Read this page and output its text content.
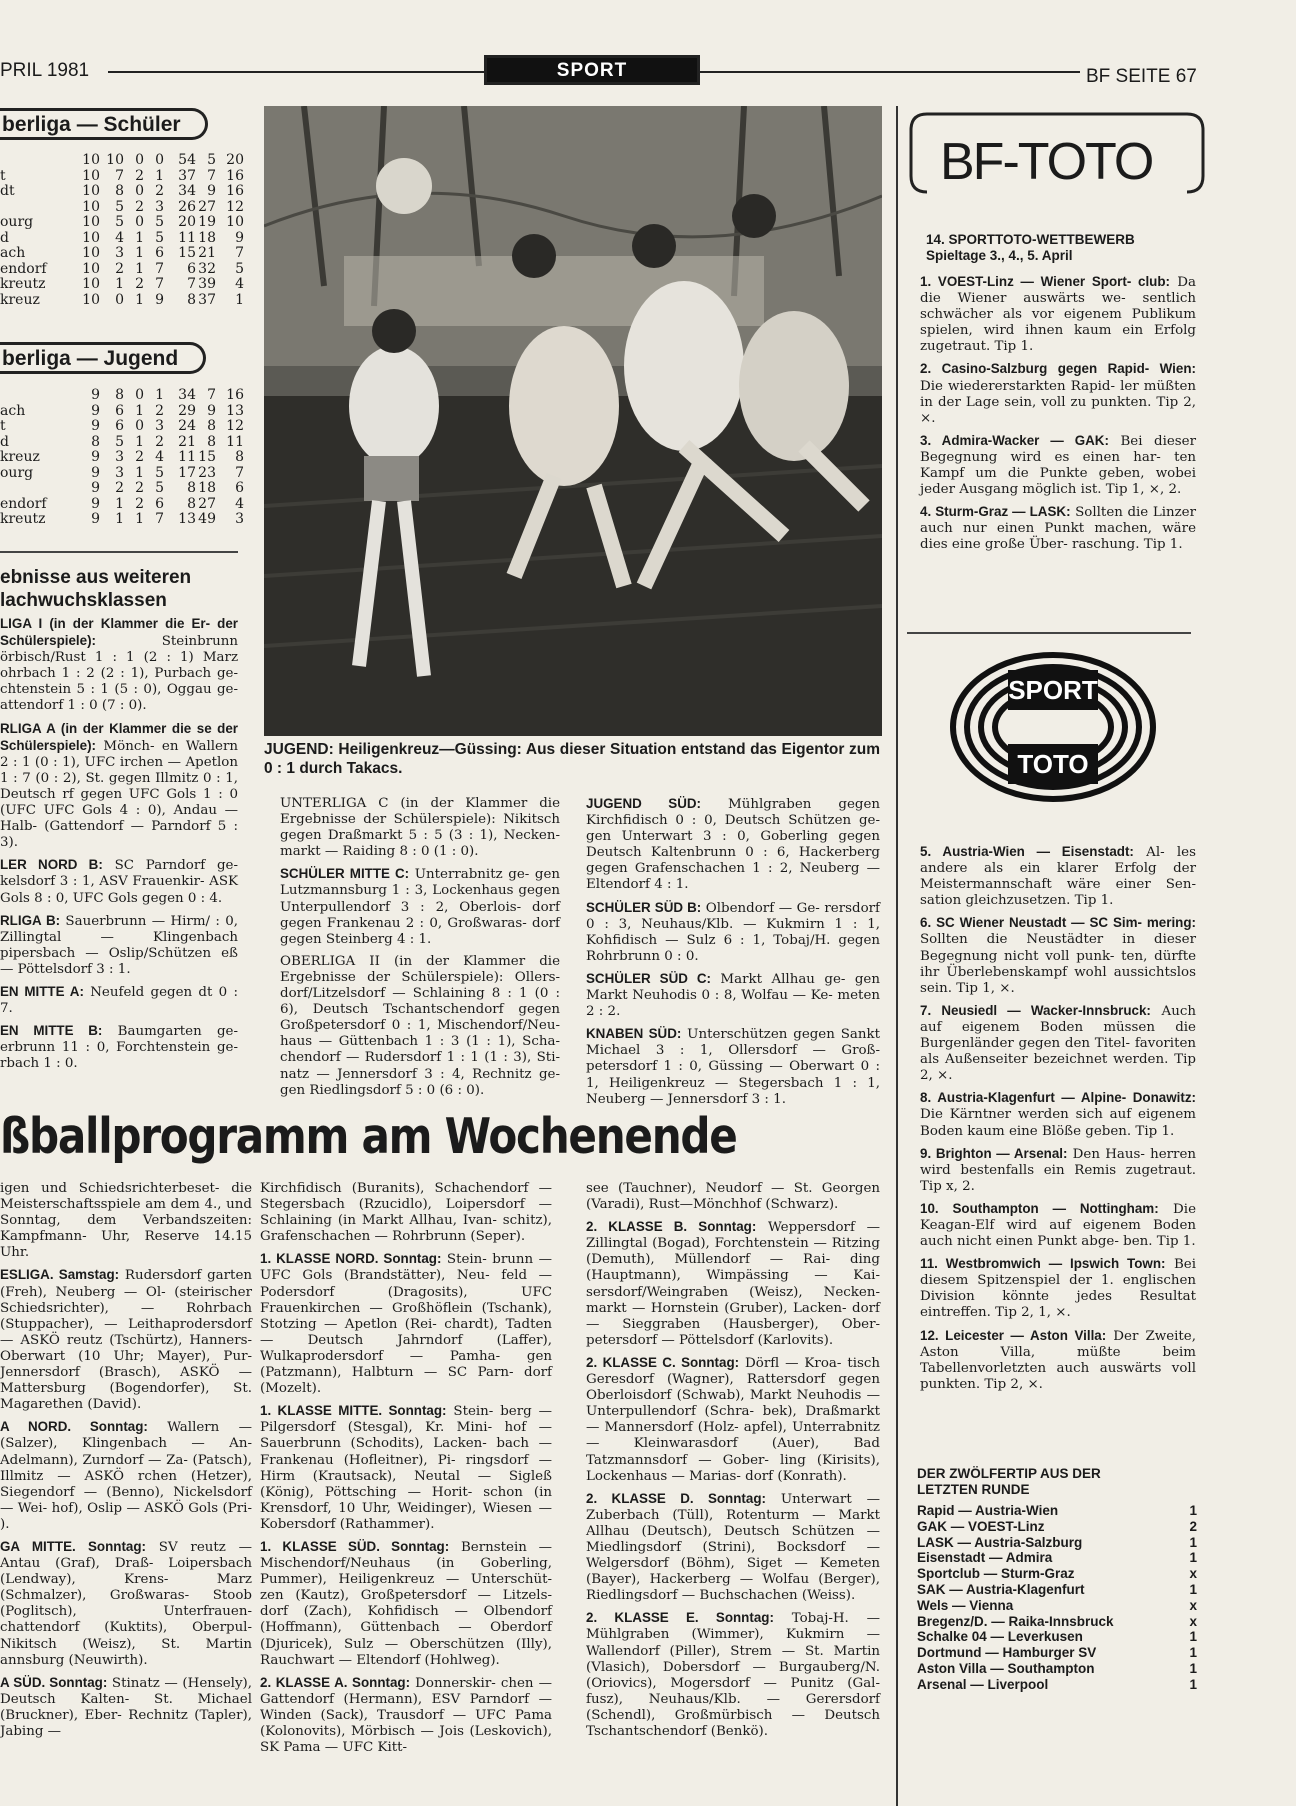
PRIL 1981	SPORT	BF SEITE 67
berliga — Schüler
10 10 0 0	54 5 20
t	10	7 2 1	37 7 16
dt	10	8 0 2	34 9 16
10	5 2 3	26 27 12
ourg	10	5 0 5	20 19 10
d	10	4 1 5	11 18	9
ach	10	3 1 6	15 21	7
endorf	10	2 1 7	6 32	5
kreutz	10	1 2 7	7 39	4
kreuz	10	0 1 9	8 37	1
berliga — Jugend
9	8 0 1	34 7 16
ach	9	6 1 2	29 9 13
t	9	6 0 3	24 8 12
d	8	5 1 2	21 8 11
kreuz	9	3 2 4	11 15	8
ourg	9	3 1 5	17 23	7
9	2 2 5	8 18	6
endorf	9	1 2 6	8 27	4
kreutz	9	1 1 7	13 49	3
ebnisse aus weiteren lachwuchsklassen

LIGA I (in der Klammer die Er- der Schülerspiele): Steinbrunn örbisch/Rust 1 : 1 (2 : 1) Marz ohrbach 1 : 2 (2 : 1), Purbach ge- chtenstein 5 : 1 (5 : 0), Oggau ge- attendorf 1 : 0 (7 : 0).

RLIGA A (in der Klammer die se der Schülerspiele): Mönch- en Wallern 2 : 1 (0 : 1), UFC irchen — Apetlon 1 : 7 (0 : 2), St. gegen Illmitz 0 : 1, Deutsch rf gegen UFC Gols 1 : 0 (UFC UFC Gols 4 : 0), Andau — Halb- (Gattendorf — Parndorf 5 : 3).

LER NORD B: SC Parndorf ge- kelsdorf 3 : 1, ASV Frauenkir- ASK Gols 8 : 0, UFC Gols gegen 0 : 4.

RLIGA B: Sauerbrunn — Hirm/ : 0, Zillingtal — Klingenbach pipersbach — Oslip/Schützen eß — Pöttelsdorf 3 : 1.

EN MITTE A: Neufeld gegen dt 0 : 7.

EN MITTE B: Baumgarten ge- erbrunn 11 : 0, Forchtenstein ge- rbach 1 : 0.

JUGEND: Heiligenkreuz—Güssing: Aus dieser Situation entstand das Eigentor zum 0 : 1 durch Takacs.

UNTERLIGA C (in der Klammer die Ergebnisse der Schülerspiele): Nikitsch gegen Draßmarkt 5 : 5 (3 : 1), Necken- markt — Raiding 8 : 0 (1 : 0).

SCHÜLER MITTE C: Unterrabnitz ge- gen Lutzmannsburg 1 : 3, Lockenhaus gegen Unterpullendorf 3 : 2, Oberlois- dorf gegen Frankenau 2 : 0, Großwaras- dorf gegen Steinberg 4 : 1.

OBERLIGA II (in der Klammer die Ergebnisse der Schülerspiele): Ollers- dorf/Litzelsdorf — Schlaining 8 : 1 (0 : 6), Deutsch Tschantschendorf gegen Großpetersdorf 0 : 1, Mischendorf/Neu- haus — Güttenbach 1 : 3 (1 : 1), Scha- chendorf — Rudersdorf 1 : 1 (1 : 3), Sti- natz — Jennersdorf 3 : 4, Rechnitz ge- gen Riedlingsdorf 5 : 0 (6 : 0).

JUGEND SÜD: Mühlgraben gegen Kirchfidisch 0 : 0, Deutsch Schützen ge- gen Unterwart 3 : 0, Goberling gegen Deutsch Kaltenbrunn 0 : 6, Hackerberg gegen Grafenschachen 1 : 2, Neuberg — Eltendorf 4 : 1.

SCHÜLER SÜD B: Olbendorf — Ge- rersdorf 0 : 3, Neuhaus/Klb. — Kukmirn 1 : 1, Kohfidisch — Sulz 6 : 1, Tobaj/H. gegen Rohrbrunn 0 : 0.

SCHÜLER SÜD C: Markt Allhau ge- gen Markt Neuhodis 0 : 8, Wolfau — Ke- meten 2 : 2.

KNABEN SÜD: Unterschützen gegen Sankt Michael 3 : 1, Ollersdorf — Groß- petersdorf 1 : 0, Güssing — Oberwart 0 : 1, Heiligenkreuz — Stegersbach 1 : 1, Neuberg — Jennersdorf 3 : 1.

ßballprogramm am Wochenende

igen und Schiedsrichterbeset- die Meisterschaftsspiele am dem 4., und Sonntag, dem Verbandszeiten: Kampfmann- Uhr, Reserve 14.15 Uhr.

ESLIGA. Samstag: Rudersdorf garten (Freh), Neuberg — Ol- (steirischer Schiedsrichter), — Rohrbach (Stuppacher), — Leithaprodersdorf — ASKÖ reutz (Tschürtz), Hanners- Oberwart (10 Uhr; Mayer), Pur- Jennersdorf (Brasch), ASKÖ — Mattersburg (Bogendorfer), St. Magarethen (David).

A NORD. Sonntag: Wallern — (Salzer), Klingenbach — An- Adelmann), Zurndorf — Za- (Patsch), Illmitz — ASKÖ rchen (Hetzer), Siegendorf — (Benno), Nickelsdorf — Wei- hof), Oslip — ASKÖ Gols (Pri- ).

GA MITTE. Sonntag: SV reutz — Antau (Graf), Draß- Loipersbach (Lendway), Krens- Marz (Schmalzer), Großwaras- Stoob (Poglitsch), Unterfrauen- chattendorf (Kuktits), Oberpul- Nikitsch (Weisz), St. Martin annsburg (Neuwirth).

A SÜD. Sonntag: Stinatz — (Hensely), Deutsch Kalten- St. Michael (Bruckner), Eber- Rechnitz (Tapler), Jabing —

Kirchfidisch (Buranits), Schachendorf — Stegersbach (Rzucidlo), Loipersdorf — Schlaining (in Markt Allhau, Ivan- schitz), Grafenschachen — Rohrbrunn (Seper).

1. KLASSE NORD. Sonntag: Stein- brunn — UFC Gols (Brandstätter), Neu- feld — Podersdorf (Dragosits), UFC Frauenkirchen — Großhöflein (Tschank), Stotzing — Apetlon (Rei- chardt), Tadten — Deutsch Jahrndorf (Laffer), Wulkaprodersdorf — Pamha- gen (Patzmann), Halbturn — SC Parn- dorf (Mozelt).

1. KLASSE MITTE. Sonntag: Stein- berg — Pilgersdorf (Stesgal), Kr. Mini- hof — Sauerbrunn (Schodits), Lacken- bach — Frankenau (Hofleitner), Pi- ringsdorf — Hirm (Krautsack), Neutal — Sigleß (König), Pöttsching — Horit- schon (in Krensdorf, 10 Uhr, Weidinger), Wiesen — Kobersdorf (Rathammer).

1. KLASSE SÜD. Sonntag: Bernstein — Mischendorf/Neuhaus (in Goberling, Pummer), Heiligenkreuz — Unterschüt- zen (Kautz), Großpetersdorf — Litzels- dorf (Zach), Kohfidisch — Olbendorf (Hoffmann), Güttenbach — Oberdorf (Djuricek), Sulz — Oberschützen (Illy), Rauchwart — Eltendorf (Hohlweg).

2. KLASSE A. Sonntag: Donnerskir- chen — Gattendorf (Hermann), ESV Parndorf — Winden (Sack), Trausdorf — UFC Pama (Kolonovits), Mörbisch — Jois (Leskovich), SK Pama — UFC Kitt-

see (Tauchner), Neudorf — St. Georgen (Varadi), Rust—Mönchhof (Schwarz).

2. KLASSE B. Sonntag: Weppersdorf — Zillingtal (Bogad), Forchtenstein — Ritzing (Demuth), Müllendorf — Rai- ding (Hauptmann), Wimpässing — Kai- sersdorf/Weingraben (Weisz), Necken- markt — Hornstein (Gruber), Lacken- dorf — Sieggraben (Hausberger), Ober- petersdorf — Pöttelsdorf (Karlovits).

2. KLASSE C. Sonntag: Dörfl — Kroa- tisch Geresdorf (Wagner), Rattersdorf gegen Oberloisdorf (Schwab), Markt Neuhodis — Unterpullendorf (Schra- bek), Draßmarkt — Mannersdorf (Holz- apfel), Unterrabnitz — Kleinwarasdorf (Auer), Bad Tatzmannsdorf — Gober- ling (Kirisits), Lockenhaus — Marias- dorf (Konrath).

2. KLASSE D. Sonntag: Unterwart — Zuberbach (Tüll), Rotenturm — Markt Allhau (Deutsch), Deutsch Schützen — Miedlingsdorf (Strini), Bocksdorf — Welgersdorf (Böhm), Siget — Kemeten (Bayer), Hackerberg — Wolfau (Berger), Riedlingsdorf — Buchschachen (Weiss).

2. KLASSE E. Sonntag: Tobaj-H. — Mühlgraben (Wimmer), Kukmirn — Wallendorf (Piller), Strem — St. Martin (Vlasich), Dobersdorf — Burgauberg/N. (Oriovics), Mogersdorf — Punitz (Gal- fusz), Neuhaus/Klb. — Gerersdorf (Schendl), Großmürbisch — Deutsch Tschantschendorf (Benkö).

BF-TOTO
14. SPORTTOTO-WETTBEWERB
Spieltage 3., 4., 5. April

1. VOEST-Linz — Wiener Sport- club: Da die Wiener auswärts we- sentlich schwächer als vor eigenem Publikum spielen, wird ihnen kaum ein Erfolg zugetraut. Tip 1.

2. Casino-Salzburg gegen Rapid- Wien: Die wiedererstarkten Rapid- ler müßten in der Lage sein, voll zu punkten. Tip 2, ×.

3. Admira-Wacker — GAK: Bei dieser Begegnung wird es einen har- ten Kampf um die Punkte geben, wobei jeder Ausgang möglich ist. Tip 1, ×, 2.

4. Sturm-Graz — LASK: Sollten die Linzer auch nur einen Punkt machen, wäre dies eine große Über- raschung. Tip 1.

SPORT
TOTO

5. Austria-Wien — Eisenstadt: Al- les andere als ein klarer Erfolg der Meistermannschaft wäre einer Sen- sation gleichzusetzen. Tip 1.

6. SC Wiener Neustadt — SC Sim- mering: Sollten die Neustädter in dieser Begegnung nicht voll punk- ten, dürfte ihr Überlebenskampf wohl aussichtslos sein. Tip 1, ×.

7. Neusiedl — Wacker-Innsbruck: Auch auf eigenem Boden müssen die Burgenländer gegen den Titel- favoriten als Außenseiter bezeichnet werden. Tip 2, ×.

8. Austria-Klagenfurt — Alpine- Donawitz: Die Kärntner werden sich auf eigenem Boden kaum eine Blöße geben. Tip 1.

9. Brighton — Arsenal: Den Haus- herren wird bestenfalls ein Remis zugetraut. Tip x, 2.

10. Southampton — Nottingham: Die Keagan-Elf wird auf eigenem Boden auch nicht einen Punkt abge- ben. Tip 1.

11. Westbromwich — Ipswich Town: Bei diesem Spitzenspiel der 1. englischen Division könnte jedes Resultat eintreffen. Tip 2, 1, ×.

12. Leicester — Aston Villa: Der Zweite, Aston Villa, müßte beim Tabellenvorletzten auch auswärts voll punkten. Tip 2, ×.

DER ZWÖLFERTIP AUS DER LETZTEN RUNDE
Rapid — Austria-Wien	1
GAK — VOEST-Linz	2
LASK — Austria-Salzburg	1
Eisenstadt — Admira	1
Sportclub — Sturm-Graz	x
SAK — Austria-Klagenfurt	1
Wels — Vienna	x
Bregenz/D. — Raika-Innsbruck	x
Schalke 04 — Leverkusen	1
Dortmund — Hamburger SV	1
Aston Villa — Southampton	1
Arsenal — Liverpool	1
